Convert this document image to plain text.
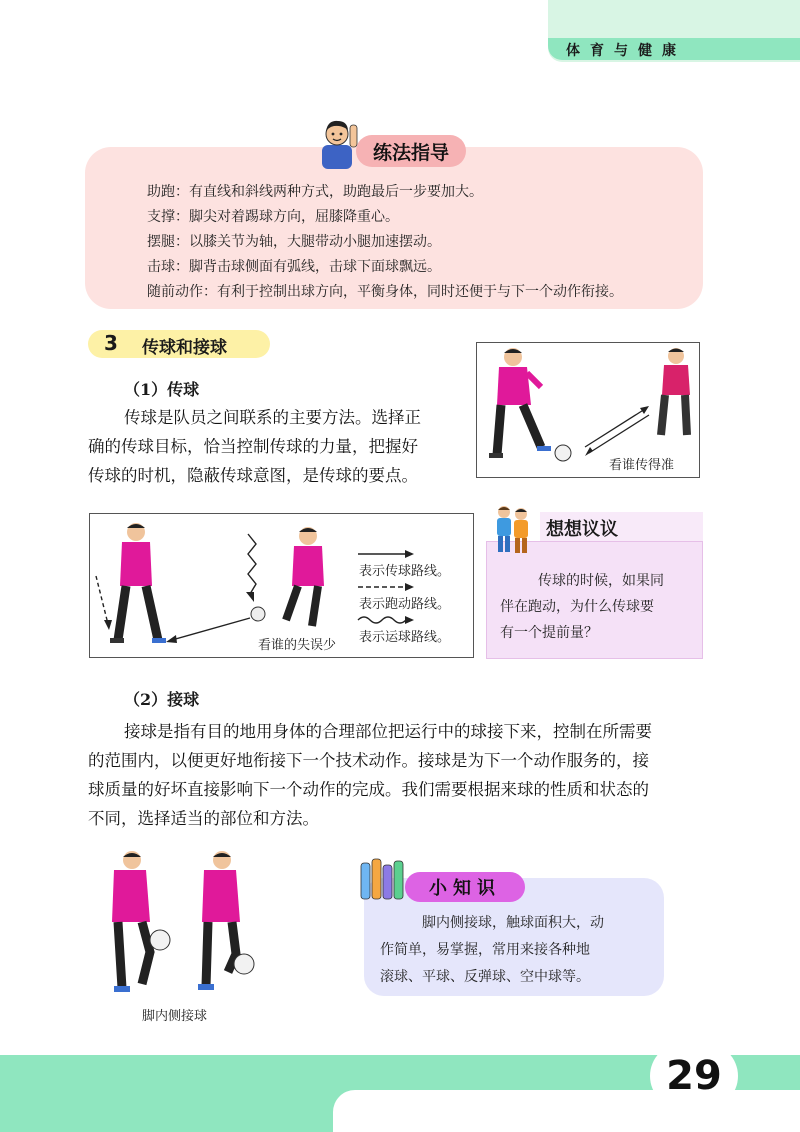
体育与健康
练法指导
助跑：有直线和斜线两种方式，助跑最后一步要加大。
支撑：脚尖对着踢球方向，屈膝降重心。
摆腿：以膝关节为轴，大腿带动小腿加速摆动。
击球：脚背击球侧面有弧线，击球下面球飘远。
随前动作：有利于控制出球方向，平衡身体，同时还便于与下一个动作衔接。
3 传球和接球
（1）传球
传球是队员之间联系的主要方法。选择正
确的传球目标，恰当控制传球的力量，把握好
传球的时机，隐蔽传球意图，是传球的要点。
看谁传得准
表示传球路线。
表示跑动路线。
表示运球路线。
看谁的失误少
想想议议
传球的时候，如果同
伴在跑动，为什么传球要
有一个提前量？
（2）接球
接球是指有目的地用身体的合理部位把运行中的球接下来，控制在所需要
的范围内，以便更好地衔接下一个技术动作。接球是为下一个动作服务的，接
球质量的好坏直接影响下一个动作的完成。我们需要根据来球的性质和状态的
不同，选择适当的部位和方法。
脚内侧接球
小知识
脚内侧接球，触球面积大，动
作简单，易掌握，常用来接各种地
滚球、平球、反弹球、空中球等。
29
